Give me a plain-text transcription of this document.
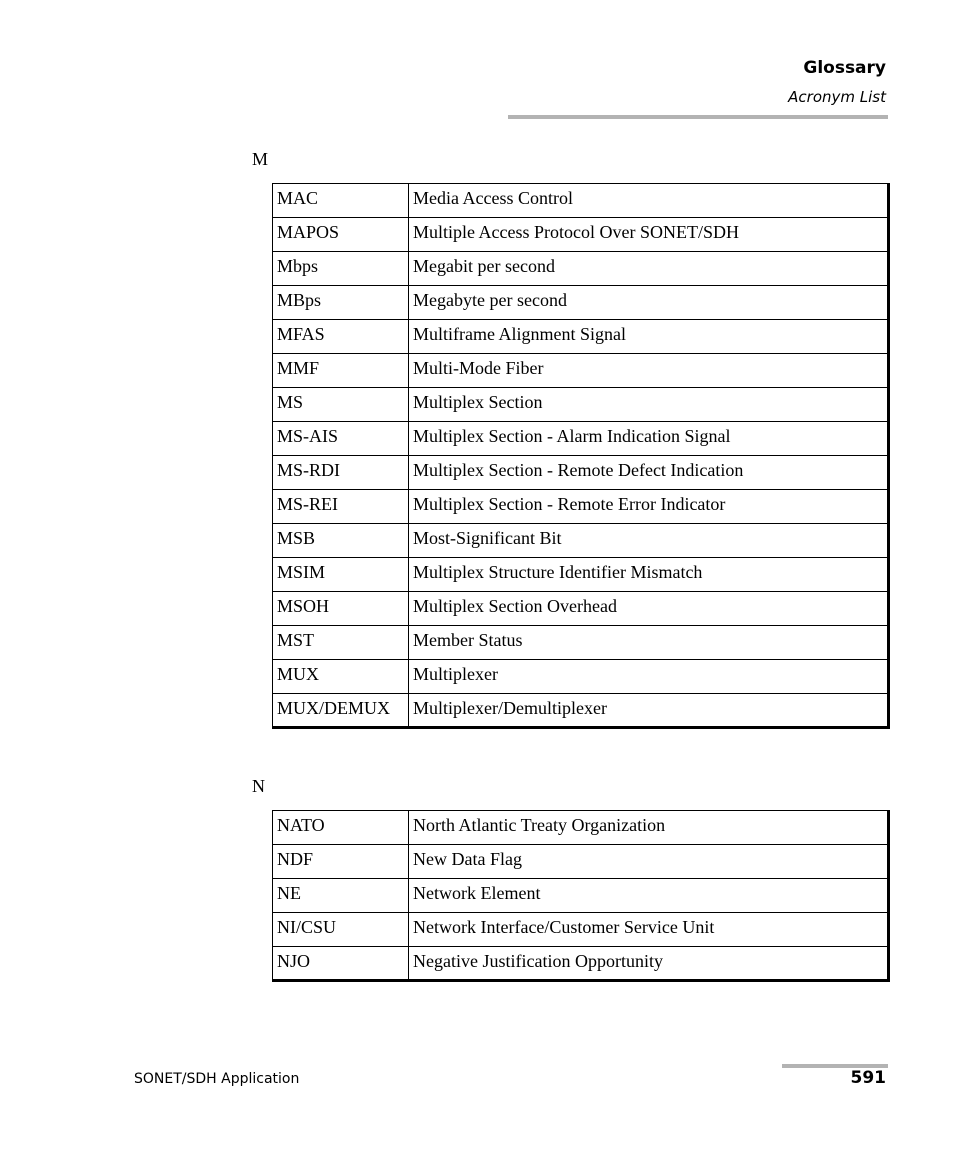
Glossary
Acronym List
M
MAC	Media Access Control
MAPOS	Multiple Access Protocol Over SONET/SDH
Mbps	Megabit per second
MBps	Megabyte per second
MFAS	Multiframe Alignment Signal
MMF	Multi-Mode Fiber
MS	Multiplex Section
MS-AIS	Multiplex Section - Alarm Indication Signal
MS-RDI	Multiplex Section - Remote Defect Indication
MS-REI	Multiplex Section - Remote Error Indicator
MSB	Most-Significant Bit
MSIM	Multiplex Structure Identifier Mismatch
MSOH	Multiplex Section Overhead
MST	Member Status
MUX	Multiplexer
MUX/DEMUX	Multiplexer/Demultiplexer
N
NATO	North Atlantic Treaty Organization
NDF	New Data Flag
NE	Network Element
NI/CSU	Network Interface/Customer Service Unit
NJO	Negative Justification Opportunity
SONET/SDH Application	591
